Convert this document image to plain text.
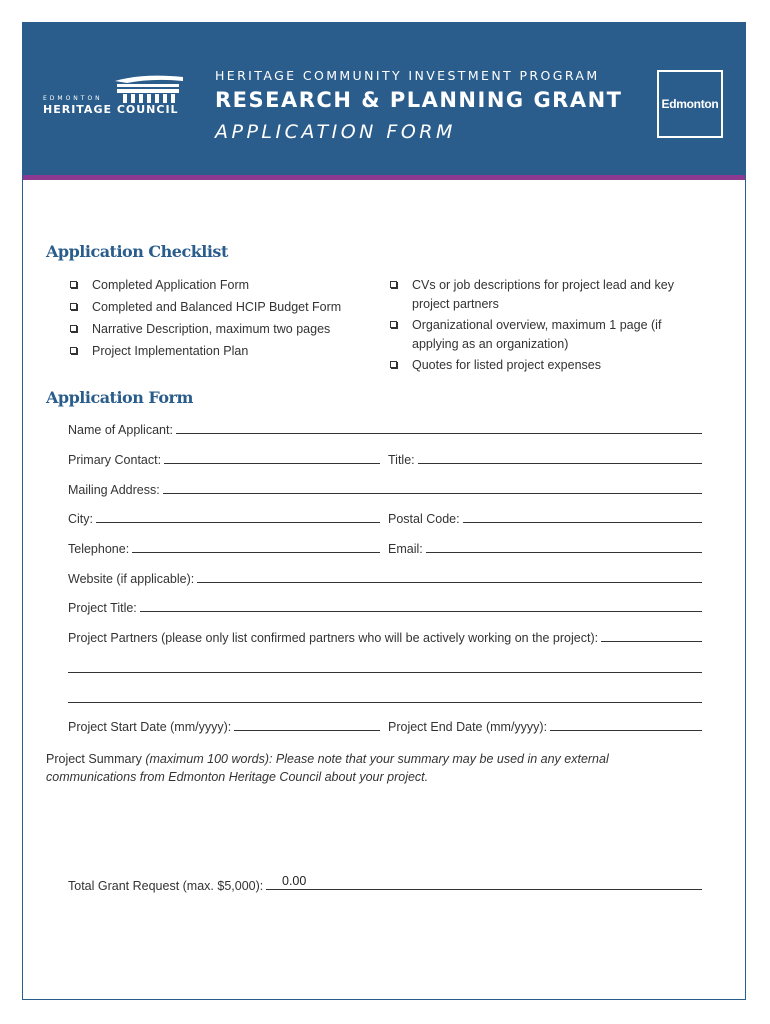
EDMONTON
HERITAGE COUNCIL
HERITAGE COMMUNITY INVESTMENT PROGRAM
RESEARCH & PLANNING GRANT
APPLICATION FORM
Edmonton
Application Checklist
Completed Application Form
Completed and Balanced HCIP Budget Form
Narrative Description, maximum two pages
Project Implementation Plan
CVs or job descriptions for project lead and key project partners
Organizational overview, maximum 1 page (if applying as an organization)
Quotes for listed project expenses
Application Form
Name of Applicant:
Primary Contact:	Title:
Mailing Address:
City:	Postal Code:
Telephone:	Email:
Website (if applicable):
Project Title:
Project Partners (please only list confirmed partners who will be actively working on the project):
Project Start Date (mm/yyyy):	Project End Date (mm/yyyy):
Project Summary (maximum 100 words): Please note that your summary may be used in any external communications from Edmonton Heritage Council about your project.
Total Grant Request (max. $5,000): 0.00
